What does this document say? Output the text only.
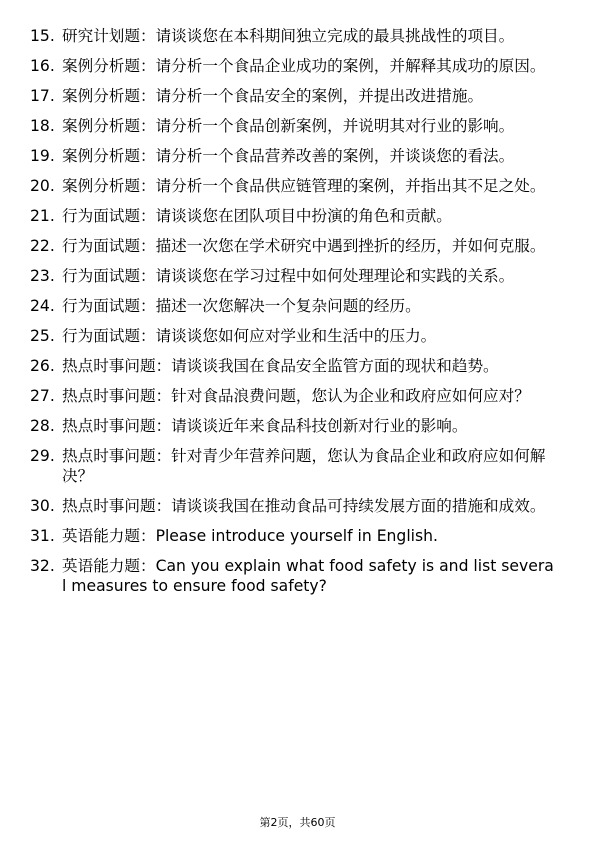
15. 研究计划题：请谈谈您在本科期间独立完成的最具挑战性的项目。
16. 案例分析题：请分析一个食品企业成功的案例，并解释其成功的原因。
17. 案例分析题：请分析一个食品安全的案例，并提出改进措施。
18. 案例分析题：请分析一个食品创新案例，并说明其对行业的影响。
19. 案例分析题：请分析一个食品营养改善的案例，并谈谈您的看法。
20. 案例分析题：请分析一个食品供应链管理的案例，并指出其不足之处。
21. 行为面试题：请谈谈您在团队项目中扮演的角色和贡献。
22. 行为面试题：描述一次您在学术研究中遇到挫折的经历，并如何克服。
23. 行为面试题：请谈谈您在学习过程中如何处理理论和实践的关系。
24. 行为面试题：描述一次您解决一个复杂问题的经历。
25. 行为面试题：请谈谈您如何应对学业和生活中的压力。
26. 热点时事问题：请谈谈我国在食品安全监管方面的现状和趋势。
27. 热点时事问题：针对食品浪费问题，您认为企业和政府应如何应对？
28. 热点时事问题：请谈谈近年来食品科技创新对行业的影响。
29. 热点时事问题：针对青少年营养问题，您认为食品企业和政府应如何解决？
30. 热点时事问题：请谈谈我国在推动食品可持续发展方面的措施和成效。
31. 英语能力题：Please introduce yourself in English.
32. 英语能力题：Can you explain what food safety is and list several measures to ensure food safety?
第2页，共60页
